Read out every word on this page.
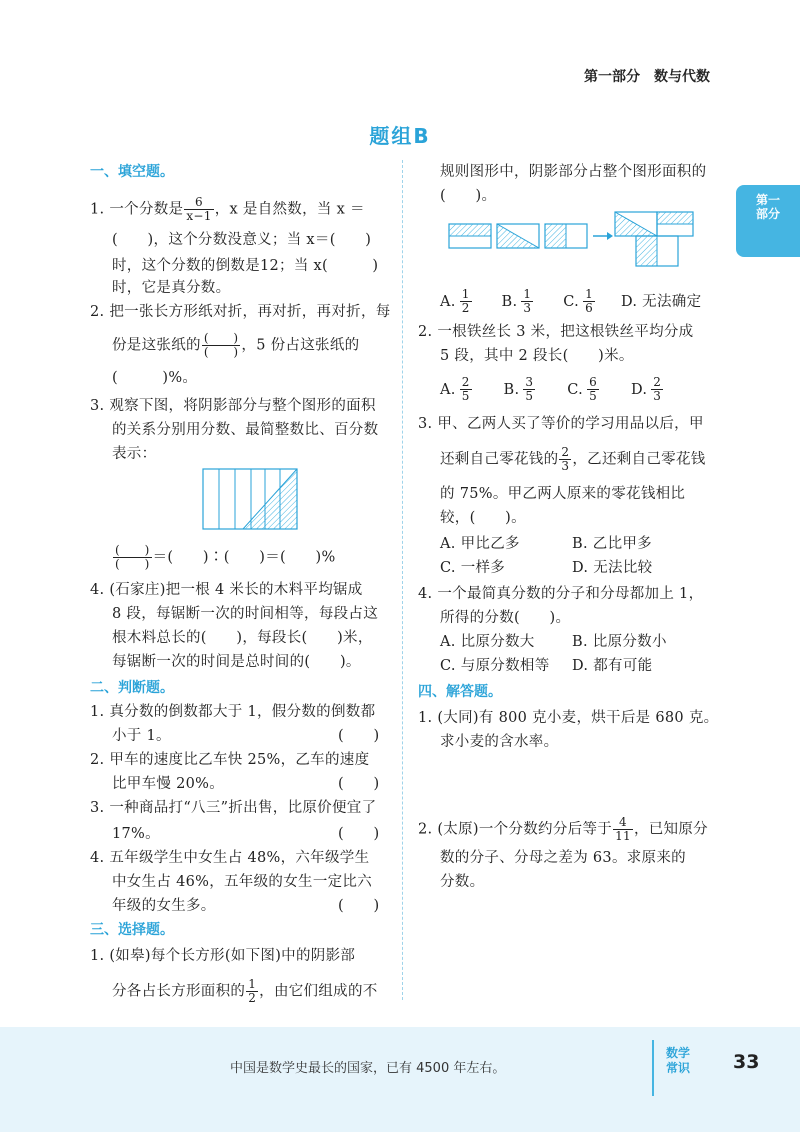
第一部分　数与代数
题组B
第一
部分
一、填空题。
1. 一个分数是 $\frac{6}{x-1}$ ，x 是自然数，当 x ＝
(　　)，这个分数没意义；当 x＝(　　)
时，这个分数的倒数是12；当 x(　　　)
时，它是真分数。
2. 把一张长方形纸对折，再对折，再对折，每
份是这张纸的 $\frac{( )}{( )}$ ，5 份占这张纸的
(　　　)%。
3. 观察下图，将阴影部分与整个图形的面积
的关系分别用分数、最简整数比、百分数
表示：
$\frac{( )}{( )}$ ＝(　　)∶(　　)＝(　　)%
4. (石家庄)把一根 4 米长的木料平均锯成
8 段，每锯断一次的时间相等，每段占这
根木料总长的(　　)，每段长(　　)米，
每锯断一次的时间是总时间的(　　)。
二、判断题。
1. 真分数的倒数都大于 1，假分数的倒数都
小于 1。	(　　)
2. 甲车的速度比乙车快 25%，乙车的速度
比甲车慢 20%。	(　　)
3. 一种商品打“八三”折出售，比原价便宜了
17%。	(　　)
4. 五年级学生中女生占 48%，六年级学生
中女生占 46%，五年级的女生一定比六
年级的女生多。	(　　)
三、选择题。
1. (如皋)每个长方形(如下图)中的阴影部
分各占长方形面积的 $\frac{1}{2}$ ，由它们组成的不
规则图形中，阴影部分占整个图形面积的
(　　)。
A. $\frac{1}{2} B$. $\frac{1}{3} C$. $\frac{1}{6} D$. 无法确定
2. 一根铁丝长 3 米，把这根铁丝平均分成
5 段，其中 2 段长(　　)米。
A. $\frac{2}{5} B$. $\frac{3}{5} C$. $\frac{6}{5} D$. $\frac{2}{3}$
3. 甲、乙两人买了等价的学习用品以后，甲
还剩自己零花钱的 $\frac{2}{3}$ ，乙还剩自己零花钱
的 75%。甲乙两人原来的零花钱相比
较，(　　)。
A. 甲比乙多	B. 乙比甲多
C. 一样多	D. 无法比较
4. 一个最简真分数的分子和分母都加上 1，
所得的分数(　　)。
A. 比原分数大	B. 比原分数小
C. 与原分数相等 D. 都有可能
四、解答题。
1. (大同)有 800 克小麦，烘干后是 680 克。
求小麦的含水率。
2. (太原)一个分数约分后等于 $\frac{4}{11}$ ，已知原分
数的分子、分母之差为 63。求原来的
分数。
中国是数学史最长的国家，已有 4500 年左右。
数学
常识	33
